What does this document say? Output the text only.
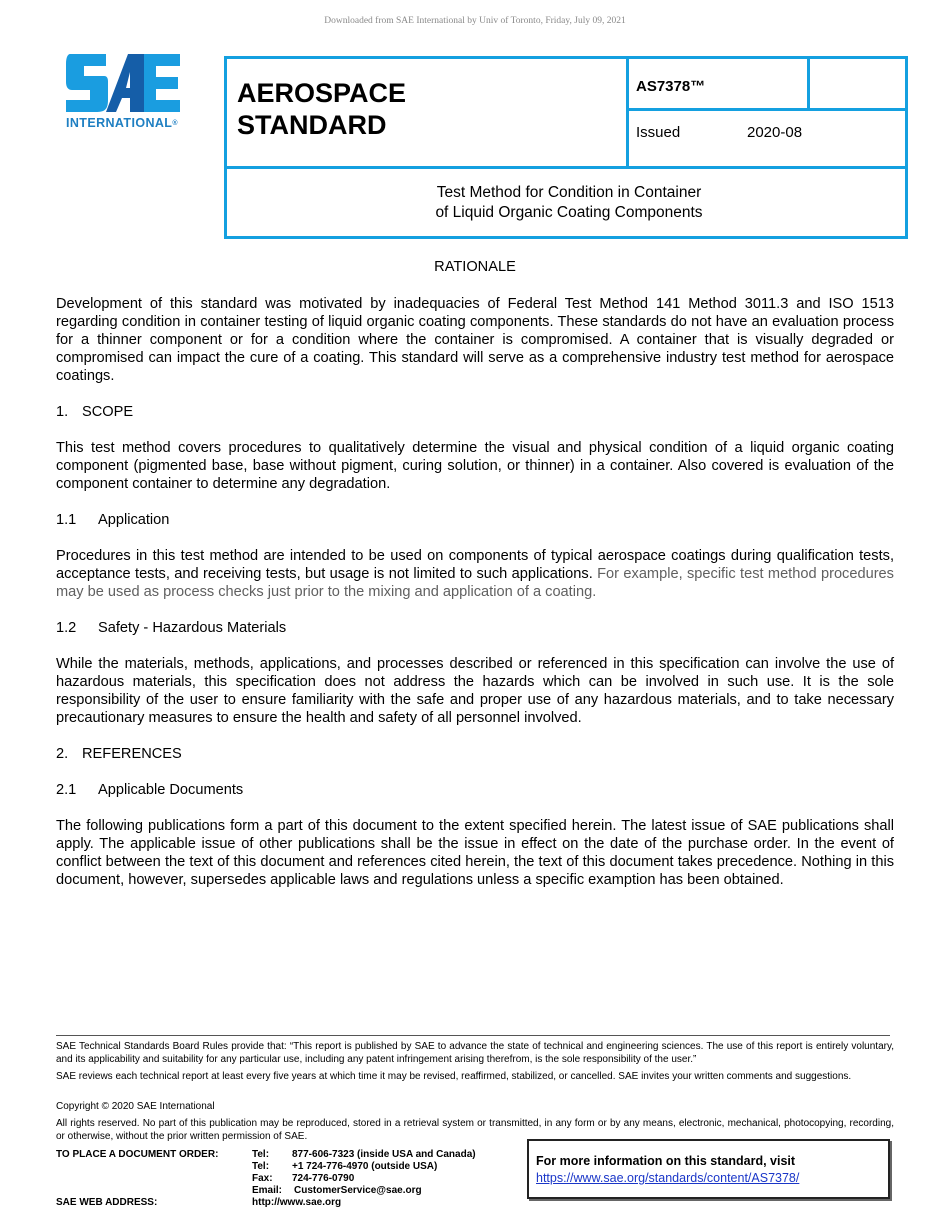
Downloaded from SAE International by Univ of Toronto, Friday, July 09, 2021
INTERNATIONAL®
AEROSPACE
STANDARD
AS7378™
Issued	2020-08
Test Method for Condition in Container
of Liquid Organic Coating Components
RATIONALE

Development of this standard was motivated by inadequacies of Federal Test Method 141 Method 3011.3 and ISO 1513 regarding condition in container testing of liquid organic coating components. These standards do not have an evaluation process for a thinner component or for a condition where the container is compromised. A container that is visually degraded or compromised can impact the cure of a coating. This standard will serve as a comprehensive industry test method for aerospace coatings.

1. SCOPE

This test method covers procedures to qualitatively determine the visual and physical condition of a liquid organic coating component (pigmented base, base without pigment, curing solution, or thinner) in a container. Also covered is evaluation of the component container to determine any degradation.

1.1 Application

Procedures in this test method are intended to be used on components of typical aerospace coatings during qualification tests, acceptance tests, and receiving tests, but usage is not limited to such applications. For example, specific test method procedures may be used as process checks just prior to the mixing and application of a coating.

1.2 Safety - Hazardous Materials

While the materials, methods, applications, and processes described or referenced in this specification can involve the use of hazardous materials, this specification does not address the hazards which can be involved in such use. It is the sole responsibility of the user to ensure familiarity with the safe and proper use of any hazardous materials, and to take necessary precautionary measures to ensure the health and safety of all personnel involved.

2. REFERENCES
2.1 Applicable Documents

The following publications form a part of this document to the extent specified herein. The latest issue of SAE publications shall apply. The applicable issue of other publications shall be the issue in effect on the date of the purchase order. In the event of conflict between the text of this document and references cited herein, the text of this document takes precedence. Nothing in this document, however, supersedes applicable laws and regulations unless a specific examption has been obtained.

SAE Technical Standards Board Rules provide that: “This report is published by SAE to advance the state of technical and engineering sciences. The use of this report is entirely voluntary, and its applicability and suitability for any particular use, including any patent infringement arising therefrom, is the sole responsibility of the user.”
SAE reviews each technical report at least every five years at which time it may be revised, reaffirmed, stabilized, or cancelled. SAE invites your written comments and suggestions.
Copyright © 2020 SAE International
All rights reserved. No part of this publication may be reproduced, stored in a retrieval system or transmitted, in any form or by any means, electronic, mechanical, photocopying, recording, or otherwise, without the prior written permission of SAE.
TO PLACE A DOCUMENT ORDER:	Tel: 877-606-7323 (inside USA and Canada)
Tel: +1 724-776-4970 (outside USA)
Fax: 724-776-0790
Email: CustomerService@sae.org
SAE WEB ADDRESS:	http://www.sae.org
For more information on this standard, visit
https://www.sae.org/standards/content/AS7378/
